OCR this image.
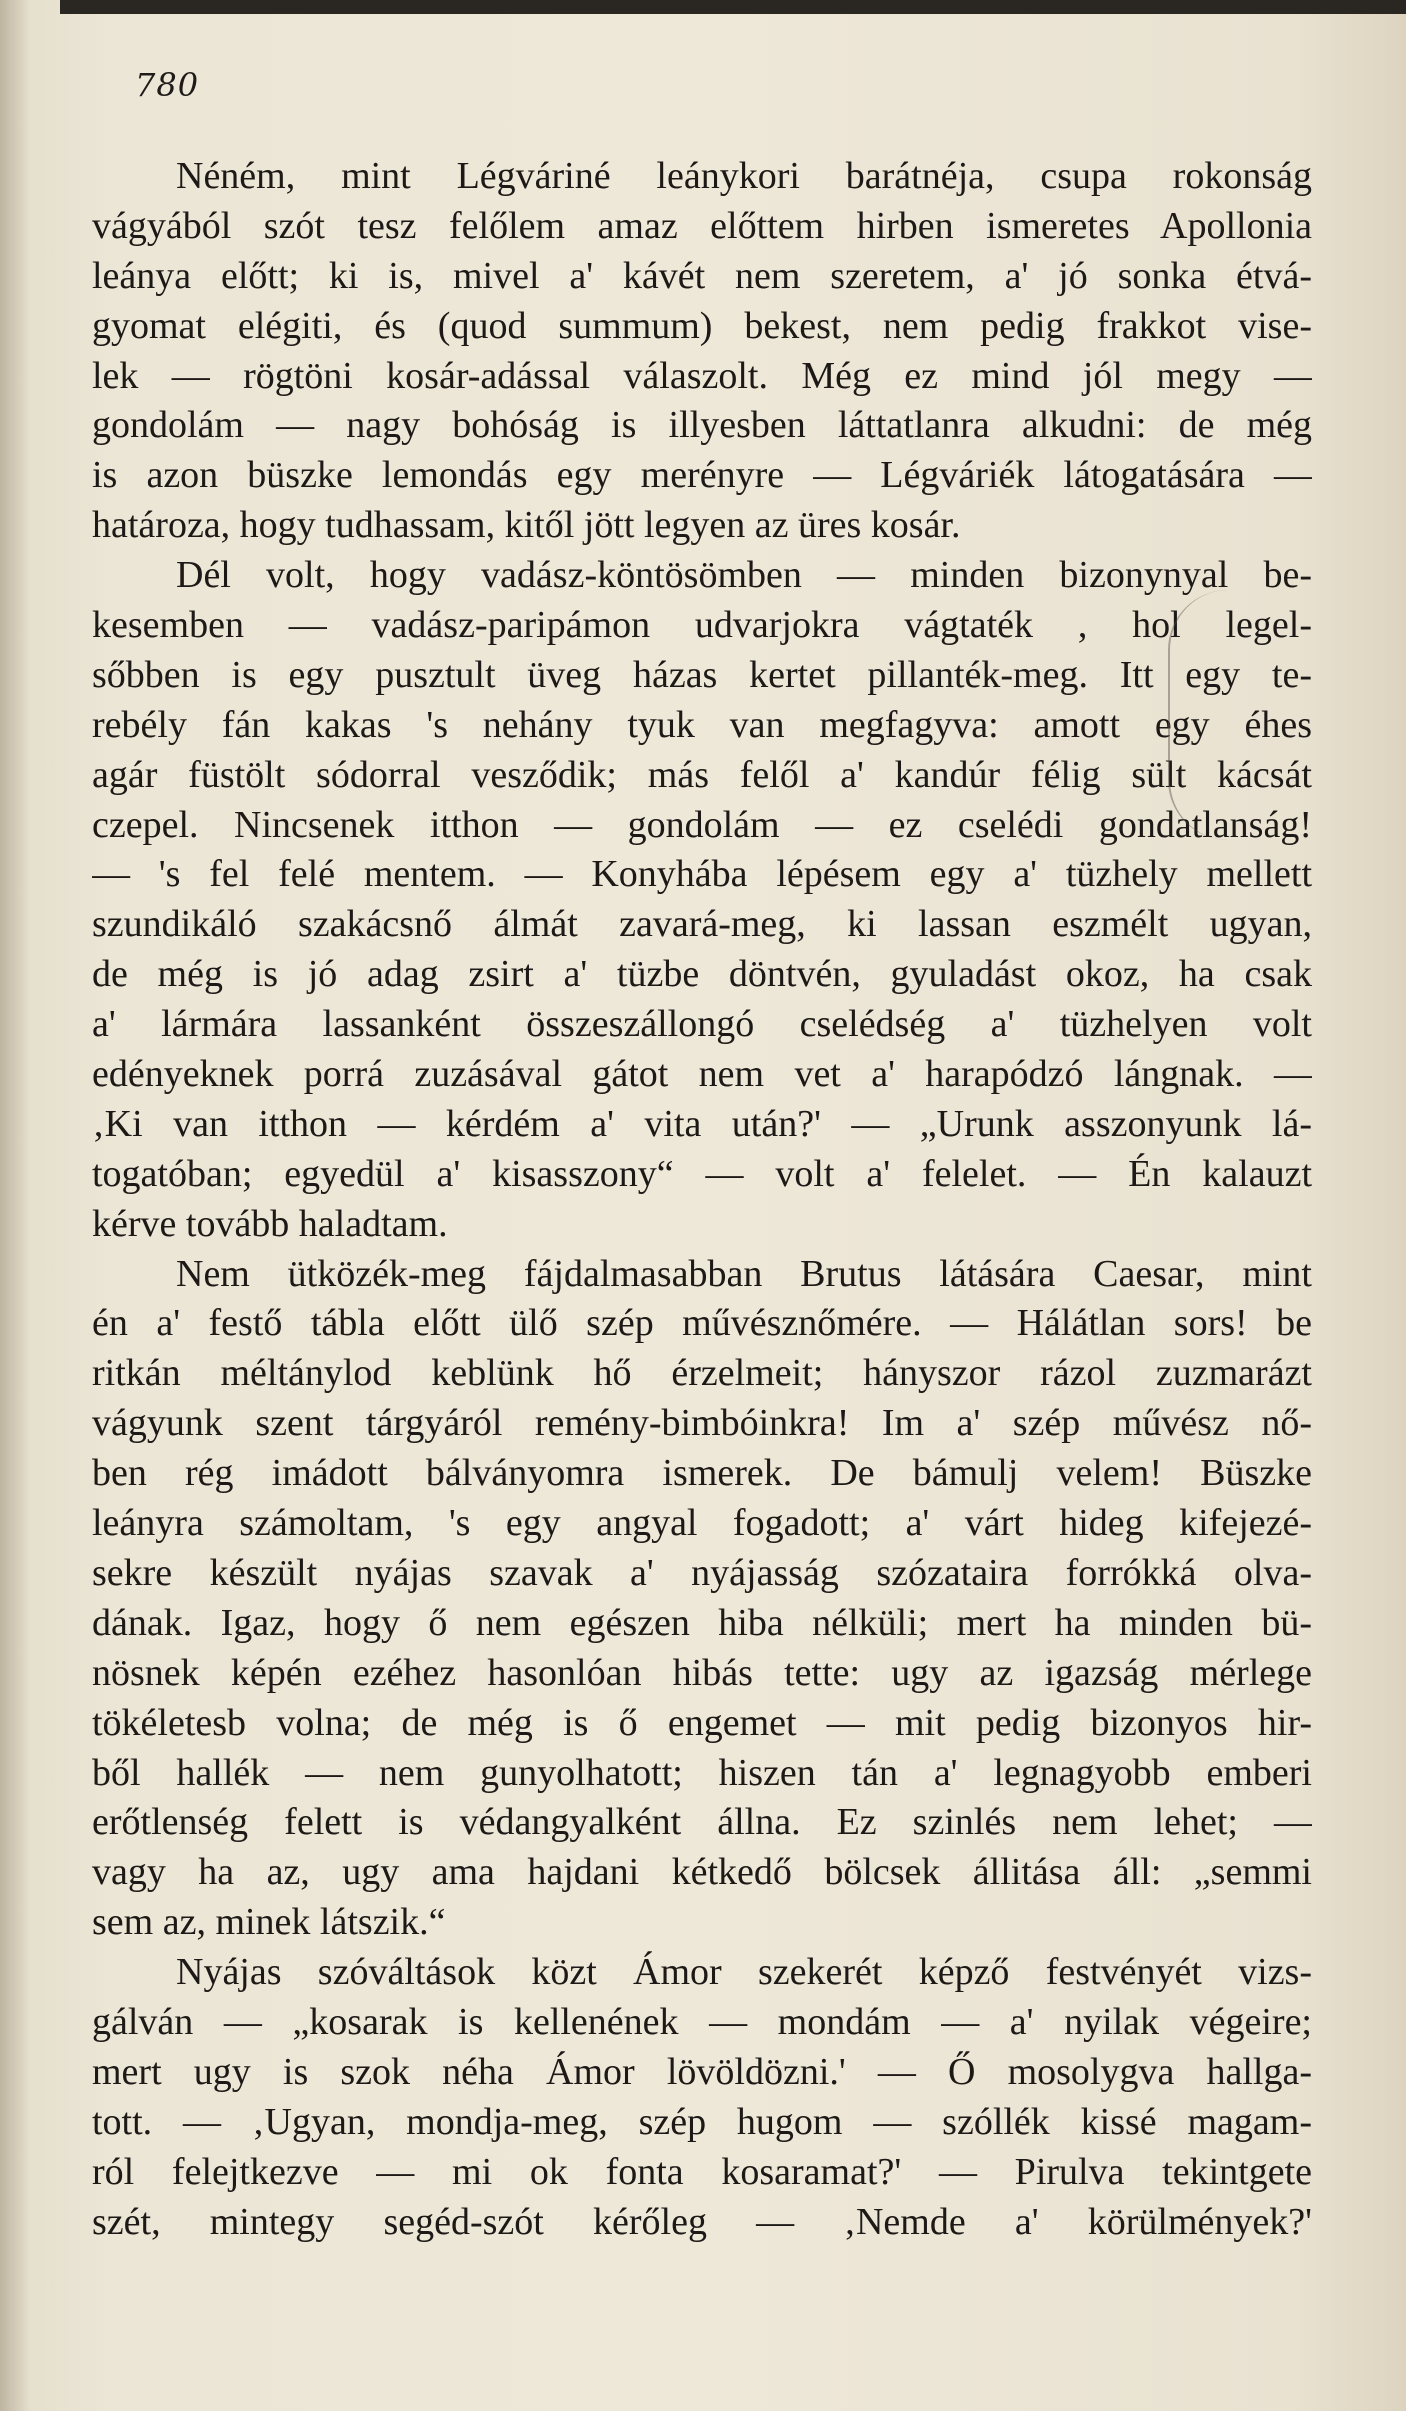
780
Néném, mint Légváriné leánykori barátnéja, csupa rokonság
vágyából szót tesz felőlem amaz előttem hirben ismeretes Apollonia
leánya előtt; ki is, mivel a' kávét nem szeretem, a' jó sonka étvá-
gyomat elégiti, és (quod summum) bekest, nem pedig frakkot vise-
lek — rögtöni kosár-adással válaszolt. Még ez mind jól megy —
gondolám — nagy bohóság is illyesben láttatlanra alkudni: de még
is azon büszke lemondás egy merényre — Légváriék látogatására —
határoza, hogy tudhassam, kitől jött legyen az üres kosár.
Dél volt, hogy vadász-köntösömben — minden bizonynyal be-
kesemben — vadász-paripámon udvarjokra vágtaték , hol legel-
sőbben is egy pusztult üveg házas kertet pillanték-meg. Itt egy te-
rebély fán kakas 's nehány tyuk van megfagyva: amott egy éhes
agár füstölt sódorral vesződik; más felől a' kandúr félig sült kácsát
czepel. Nincsenek itthon — gondolám — ez cselédi gondatlanság!
— 's fel felé mentem. — Konyhába lépésem egy a' tüzhely mellett
szundikáló szakácsnő álmát zavará-meg, ki lassan eszmélt ugyan,
de még is jó adag zsirt a' tüzbe döntvén, gyuladást okoz, ha csak
a' lármára lassanként összeszállongó cselédség a' tüzhelyen volt
edényeknek porrá zuzásával gátot nem vet a' harapódzó lángnak. —
‚Ki van itthon — kérdém a' vita után?' — „Urunk asszonyunk lá-
togatóban; egyedül a' kisasszony“ — volt a' felelet. — Én kalauzt
kérve tovább haladtam.
Nem ütközék-meg fájdalmasabban Brutus látására Caesar, mint
én a' festő tábla előtt ülő szép művésznőmére. — Hálátlan sors! be
ritkán méltánylod keblünk hő érzelmeit; hányszor rázol zuzmarázt
vágyunk szent tárgyáról remény-bimbóinkra! Im a' szép művész nő-
ben rég imádott bálványomra ismerek. De bámulj velem! Büszke
leányra számoltam, 's egy angyal fogadott; a' várt hideg kifejezé-
sekre készült nyájas szavak a' nyájasság szózataira forrókká olva-
dának. Igaz, hogy ő nem egészen hiba nélküli; mert ha minden bü-
nösnek képén ezéhez hasonlóan hibás tette: ugy az igazság mérlege
tökéletesb volna; de még is ő engemet — mit pedig bizonyos hir-
ből hallék — nem gunyolhatott; hiszen tán a' legnagyobb emberi
erőtlenség felett is védangyalként állna. Ez szinlés nem lehet; —
vagy ha az, ugy ama hajdani kétkedő bölcsek állitása áll: „semmi
sem az, minek látszik.“
Nyájas szóváltások közt Ámor szekerét képző festvényét vizs-
gálván — „kosarak is kellenének — mondám — a' nyilak végeire;
mert ugy is szok néha Ámor lövöldözni.' — Ő mosolygva hallga-
tott. — ‚Ugyan, mondja-meg, szép hugom — szóllék kissé magam-
ról felejtkezve — mi ok fonta kosaramat?' — Pirulva tekintgete
szét, mintegy segéd-szót kérőleg — ‚Nemde a' körülmények?'
